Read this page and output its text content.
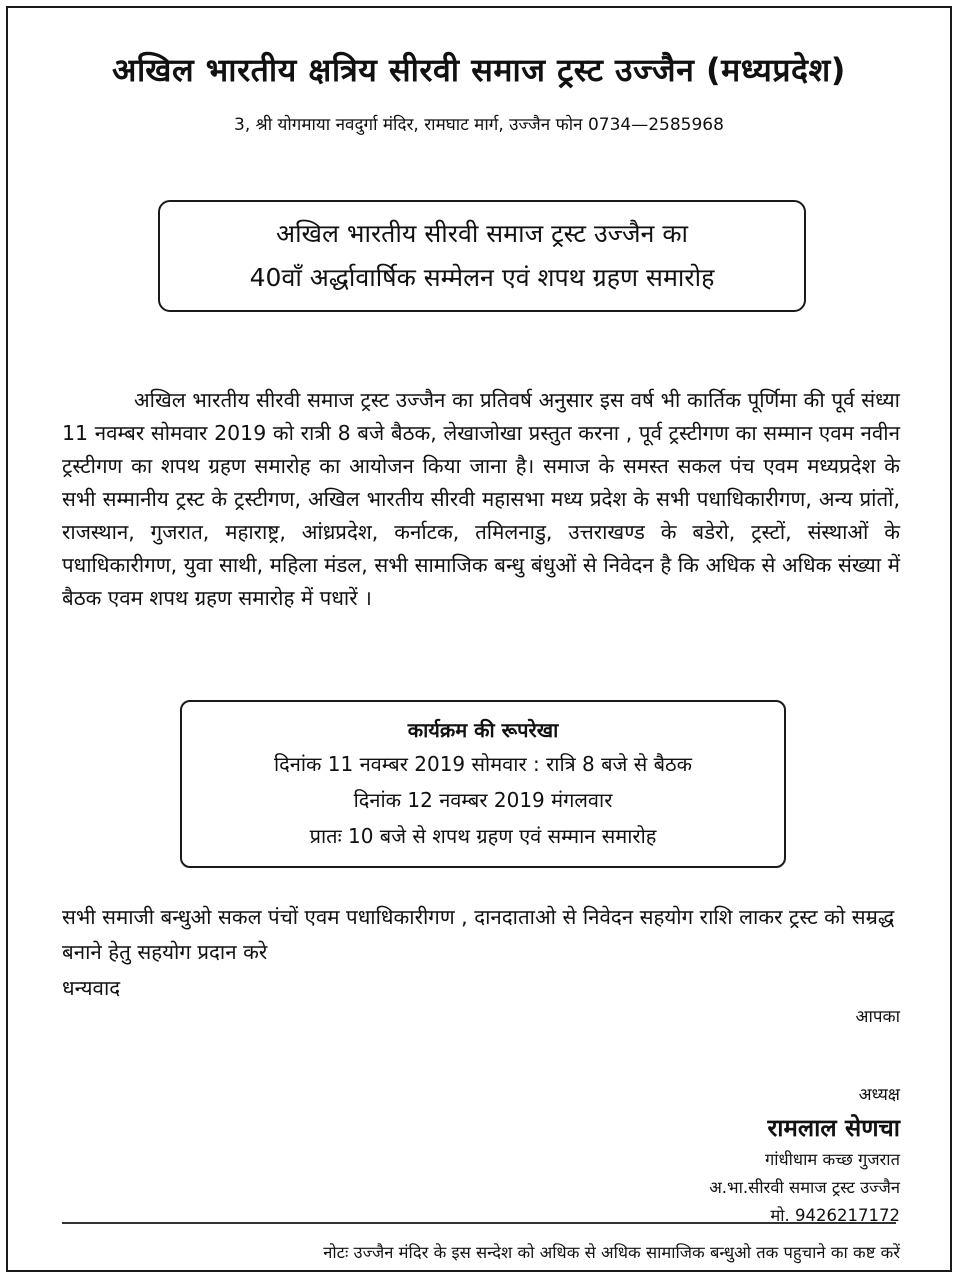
अखिल भारतीय क्षत्रिय सीरवी समाज ट्रस्ट उज्जैन (मध्यप्रदेश)
3, श्री योगमाया नवदुर्गा मंदिर, रामघाट मार्ग, उज्जैन फोन 0734—2585968
अखिल भारतीय सीरवी समाज ट्रस्ट उज्जैन का
40वाँ अर्द्धावार्षिक सम्मेलन एवं शपथ ग्रहण समारोह
अखिल भारतीय सीरवी समाज ट्रस्ट उज्जैन का प्रतिवर्ष अनुसार इस वर्ष भी कार्तिक पूर्णिमा की पूर्व संध्या 11 नवम्बर सोमवार 2019 को रात्री 8 बजे बैठक, लेखाजोखा प्रस्तुत करना , पूर्व ट्रस्टीगण का सम्मान एवम नवीन ट्रस्टीगण का शपथ ग्रहण समारोह का आयोजन किया जाना है। समाज के समस्त सकल पंच एवम मध्यप्रदेश के सभी सम्मानीय ट्रस्ट के ट्रस्टीगण, अखिल भारतीय सीरवी महासभा मध्य प्रदेश के सभी पधाधिकारीगण, अन्य प्रांतों, राजस्थान, गुजरात, महाराष्ट्र, आंध्रप्रदेश, कर्नाटक, तमिलनाडु, उत्तराखण्ड के बडेरो, ट्रस्टों, संस्थाओं के पधाधिकारीगण, युवा साथी, महिला मंडल, सभी सामाजिक बन्धु बंधुओं से निवेदन है कि अधिक से अधिक संख्या में बैठक एवम शपथ ग्रहण समारोह में पधारें ।
कार्यक्रम की रूपरेखा
दिनांक 11 नवम्बर 2019 सोमवार : रात्रि 8 बजे से बैठक
दिनांक 12 नवम्बर 2019 मंगलवार
प्रातः 10 बजे से शपथ ग्रहण एवं सम्मान समारोह
सभी समाजी बन्धुओ सकल पंचों एवम पधाधिकारीगण , दानदाताओ से निवेदन सहयोग राशि लाकर ट्रस्ट को सम्रद्ध बनाने हेतु सहयोग प्रदान करे
धन्यवाद
आपका
अध्यक्ष
रामलाल सेणचा
गांधीधाम कच्छ गुजरात
अ.भा.सीरवी समाज ट्रस्ट उज्जैन
मो. 9426217172
नोटः उज्जैन मंदिर के इस सन्देश को अधिक से अधिक सामाजिक बन्धुओ तक पहुचाने का कष्ट करें
